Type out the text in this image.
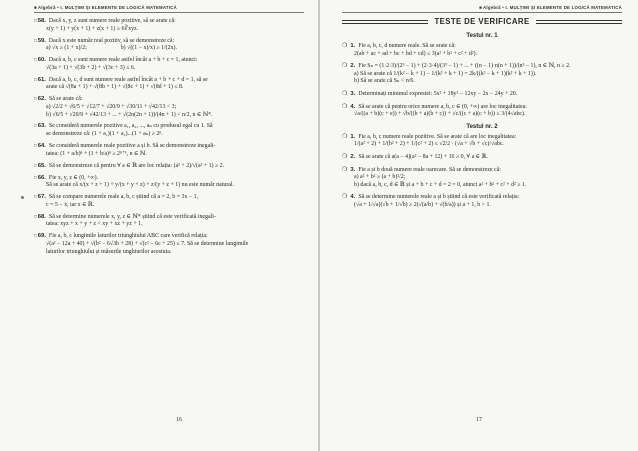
■Algebră • I. MULȚIMI ȘI ELEMENTE DE LOGICĂ MATEMATICĂ
□58. Dacă x, y, z sunt numere reale pozitive, să se arate că:
x(y + 1) + y(x + 1) + z(x + 1) ≥ 6∛xyz.
□59. Dacă x este număr real pozitiv, să se demonstreze că:
a) √x ≥ (1 + x)/2;	b) √((1 − x)/x) ≥ 1/(2x).
□60. Dacă a, b, c sunt numere reale astfel încât a + b + c = 1, atunci:
√(3a + 1) + √(3b + 2) + √(3c + 3) ≤ 6.
□61. Dacă a, b, c, d sunt numere reale astfel încât a + b + c + d = 1, să se
arate că √(8a + 1) + √(8b + 1) + √(8c + 1) + √(8d + 1) ≤ 8.
□62. Să se arate că:
a) √2/2 + √6/5 + √12/7 + √20/9 + √30/11 + √42/13 < 3;
b) √6/5 + √20/9 + √42/13 + ... + √(2n(2n + 1))/(4n + 1) < n/2, n ∈ ℕ*.
□63. Se consideră numerele pozitive a₁, a₂, ..., aₙ cu produsul egal cu 1. Să
se demonstreze că: (1 + a₁)(1 + a₂)...(1 + aₙ) ≥ 2ⁿ.
□64. Se consideră numerele reale pozitive a și b. Să se demonstreze inegali-
tatea: (1 + a/b)ⁿ + (1 + b/a)ⁿ ≥ 2ⁿ⁺¹, n ∈ ℕ.
□65. Să se demonstreze că pentru ∀ a ∈ ℝ are loc relația: (a² + 2)/√(a² + 1) ≥ 2.
□66. Fie x, y, z ∈ (0, +∞).
Să se arate că x/(x + z + 1) + y/(x + y + z) + z/(y + z + 1) nu este număr natural.
□67. Să se compare numerele reale a, b, c știind că a = 2, b = 3x − 1,
c = 5 − x, iar x ∈ ℝ.
□68. Să se determine numerele x, y, z ∈ ℕ* știind că este verificată inegali-
tatea: xyz + x + y + z < xy + xz + yz + 1.
□69. Fie a, b, c lungimile laturilor triunghiului ABC care verifică relația:
√(a² − 12a + 40) + √(b² − 6√3b + 28) + √(c² − 6c + 25) ≤ 7. Să se determine lungimile
laturilor triunghiului și măsurile unghiurilor acestuia.
16
■Algebră • I. MULȚIMI ȘI ELEMENTE DE LOGICĂ MATEMATICĂ
TESTE DE VERIFICARE
Testul nr. 1
❍ 1. Fie a, b, c, d numere reale. Să se arate că:
2(ab + ac + ad + bc + bd + cd) ≤ 3(a² + b² + c² + d²).
❍ 2. Fie Sₙ = (1·2·3)/(2³ − 1) + (2·3·4)/(3³ − 1) + ... + ((n − 1)·n(n + 1))/(n³ − 1), n ∈ ℕ, n ≥ 2.
a) Să se arate că 1/(k² − k + 1) − 1/(k² + k + 1) = 2k/((k² − k + 1)(k² + k + 1)).
b) Să se arate că Sₙ < n/6.
❍ 3. Determinați minimul expresiei: 5x² + 18y² − 12xy − 2x − 24y + 20.
❍ 4. Să se arate că pentru orice numere a, b, c ∈ (0, +∞) are loc inegalitatea:
√a/((a + b)(c + e)) + √b/((b + a)(b + c)) + √c/((c + a)(c + b)) ≤ 3/(4√abc).
Testul nr. 2
❍ 1. Fie a, b, c numere reale pozitive. Să se arate că are loc inegalitatea:
1/(a² + 2) + 1/(b² + 2) + 1/(c² + 2) ≤ √2/2 · (√a + √b + √c)/√abc.
❍ 2. Să se arate că a(a − 4)(a² − 8a + 12) + 16 ≥ 0, ∀ a ∈ ℝ.
❍ 3. Fie a și b două numere reale oarecare. Să se demonstreze că:
a) a² + b² ≥ (a + b)²/2;
b) dacă a, b, c, d ∈ ℝ și a + b + c + d = 2 = 0, atunci a² + b² + c² + d² ≥ 1.
❍ 4. Să se determine numerele reale a și b știind că este verificată relația:
(√a + 1/√a)(√b + 1/√b) ≥ 2(√(a/b) + √(b/a)) și a + 1, b > 1.
17
